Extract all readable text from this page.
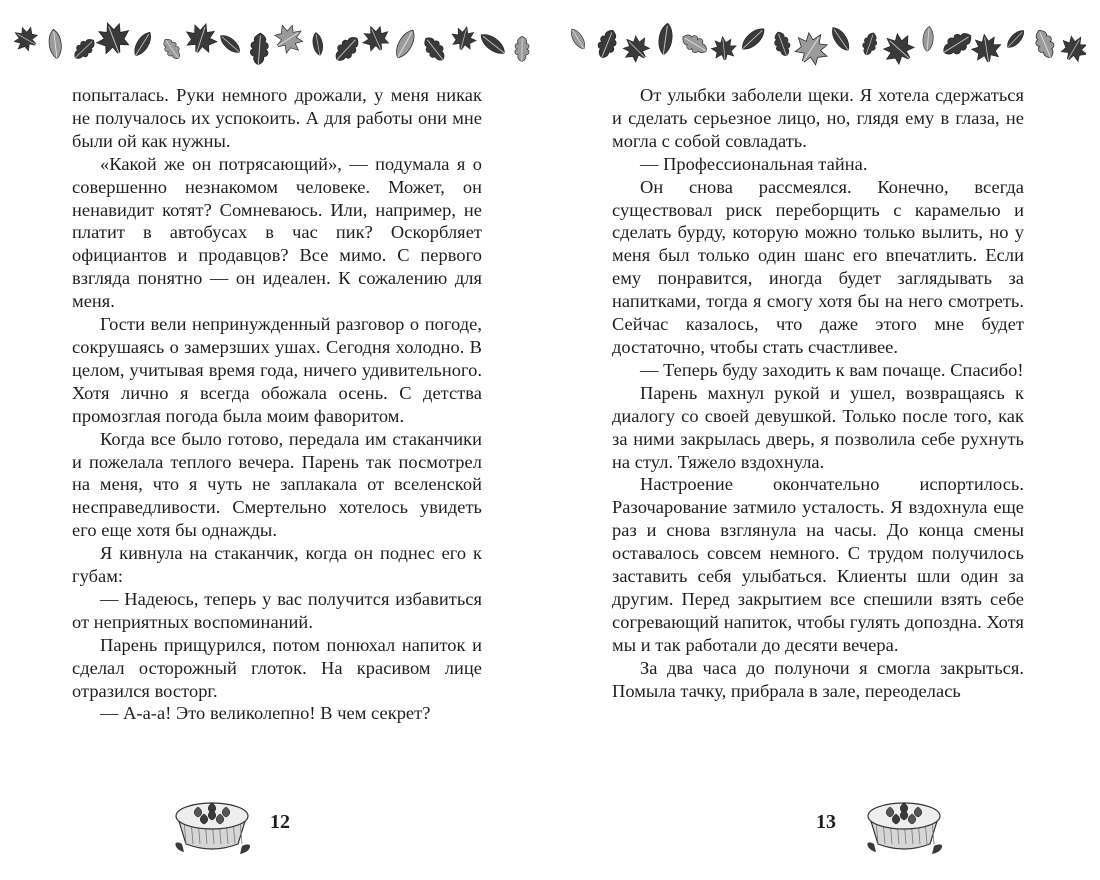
попыталась. Руки немного дрожали, у меня никак не получалось их успокоить. А для работы они мне были ой как нужны.

«Какой же он потрясающий», — подумала я о совершенно незнакомом человеке. Может, он ненавидит котят? Сомневаюсь. Или, например, не платит в автобусах в час пик? Оскорбляет официантов и продавцов? Все мимо. С первого взгляда понятно — он идеален. К сожалению для меня.

Гости вели непринужденный разговор о погоде, сокрушаясь о замерзших ушах. Сегодня холодно. В целом, учитывая время года, ничего удивительного. Хотя лично я всегда обожала осень. С детства промозглая погода была моим фаворитом.

Когда все было готово, передала им стаканчики и пожелала теплого вечера. Парень так посмотрел на меня, что я чуть не заплакала от вселенской несправедливости. Смертельно хотелось увидеть его еще хотя бы однажды.

Я кивнула на стаканчик, когда он поднес его к губам:

— Надеюсь, теперь у вас получится избавиться от неприятных воспоминаний.

Парень прищурился, потом понюхал напиток и сделал осторожный глоток. На красивом лице отразился восторг.

— А-а-а! Это великолепно! В чем секрет?

12

От улыбки заболели щеки. Я хотела сдержаться и сделать серьезное лицо, но, глядя ему в глаза, не могла с собой совладать.

— Профессиональная тайна.

Он снова рассмеялся. Конечно, всегда существовал риск переборщить с карамелью и сделать бурду, которую можно только вылить, но у меня был только один шанс его впечатлить. Если ему понравится, иногда будет заглядывать за напитками, тогда я смогу хотя бы на него смотреть. Сейчас казалось, что даже этого мне будет достаточно, чтобы стать счастливее.

— Теперь буду заходить к вам почаще. Спасибо!

Парень махнул рукой и ушел, возвращаясь к диалогу со своей девушкой. Только после того, как за ними закрылась дверь, я позволила себе рухнуть на стул. Тяжело вздохнула.

Настроение окончательно испортилось. Разочарование затмило усталость. Я вздохнула еще раз и снова взглянула на часы. До конца смены оставалось совсем немного. С трудом получилось заставить себя улыбаться. Клиенты шли один за другим. Перед закрытием все спешили взять себе согревающий напиток, чтобы гулять допоздна. Хотя мы и так работали до десяти вечера.

За два часа до полуночи я смогла закрыться. Помыла тачку, прибрала в зале, переоделась

13
